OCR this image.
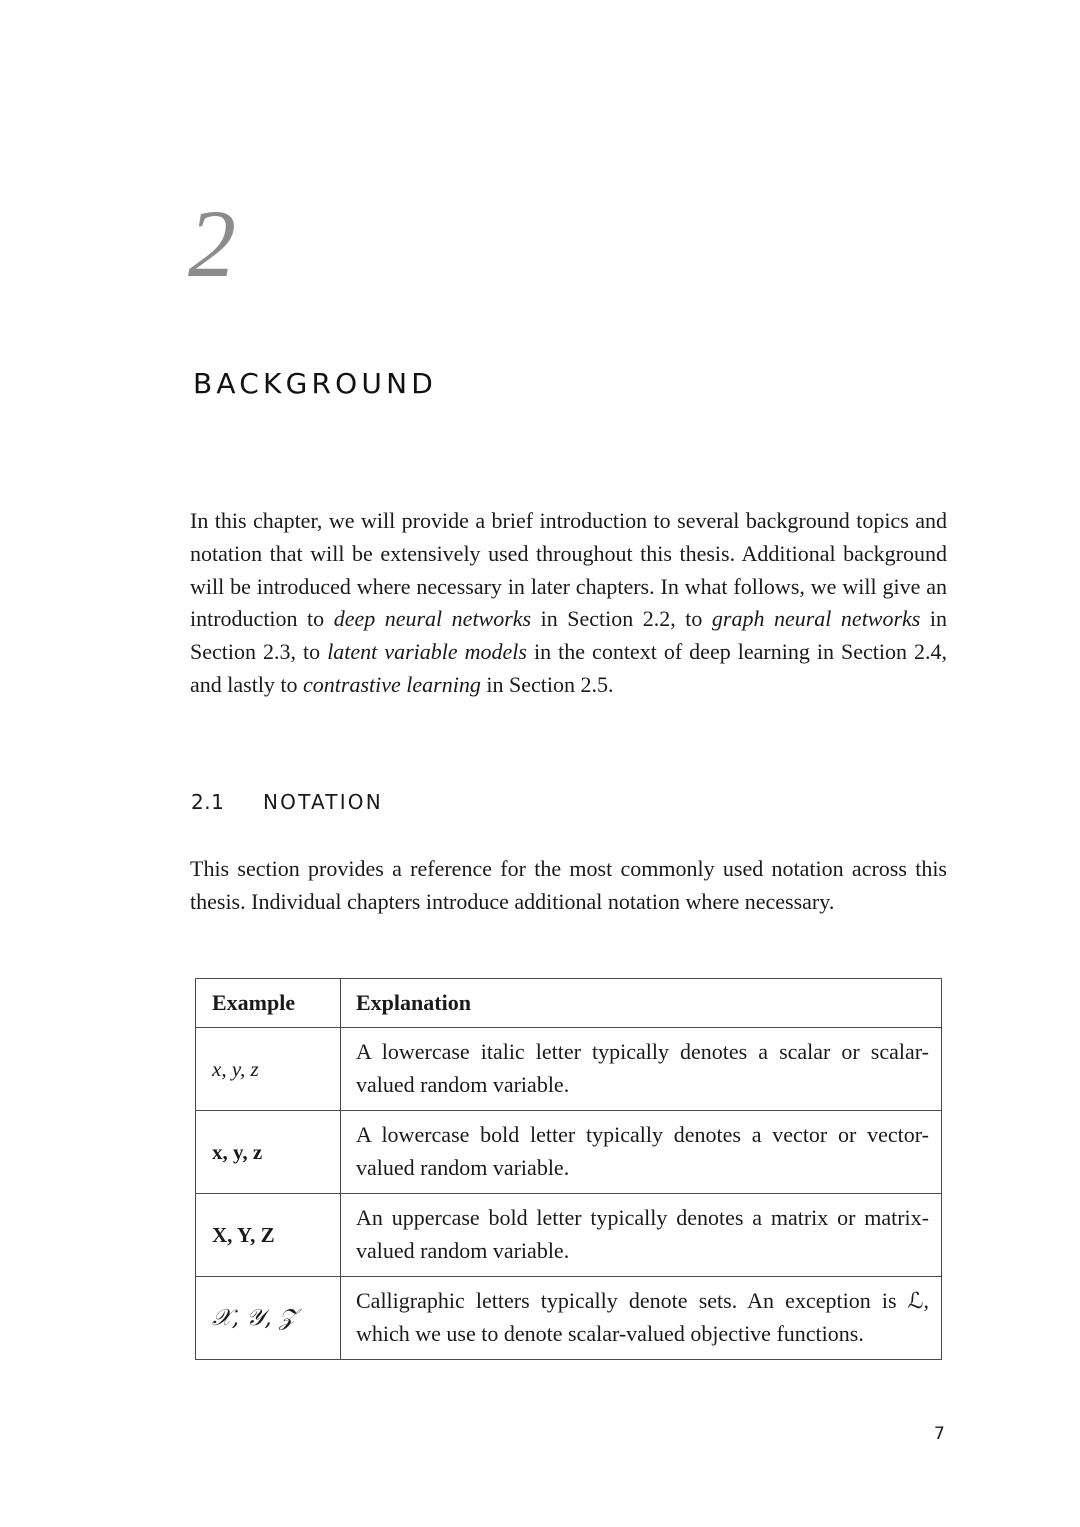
2
BACKGROUND

In this chapter, we will provide a brief introduction to several background topics and notation that will be extensively used throughout this thesis. Additional background will be introduced where necessary in later chapters. In what follows, we will give an introduction to deep neural networks in Section 2.2, to graph neural networks in Section 2.3, to latent variable models in the context of deep learning in Section 2.4, and lastly to contrastive learning in Section 2.5.

2.1 NOTATION

This section provides a reference for the most commonly used notation across this thesis. Individual chapters introduce additional notation where necessary.

Example	Explanation
x, y, z	A lowercase italic letter typically denotes a scalar or scalar-valued random variable.
x, y, z	A lowercase bold letter typically denotes a vector or vector-valued random variable.
X, Y, Z	An uppercase bold letter typically denotes a matrix or matrix-valued random variable.
𝒳, 𝒴, 𝒵	Calligraphic letters typically denote sets. An exception is ℒ, which we use to denote scalar-valued objective functions.
7
